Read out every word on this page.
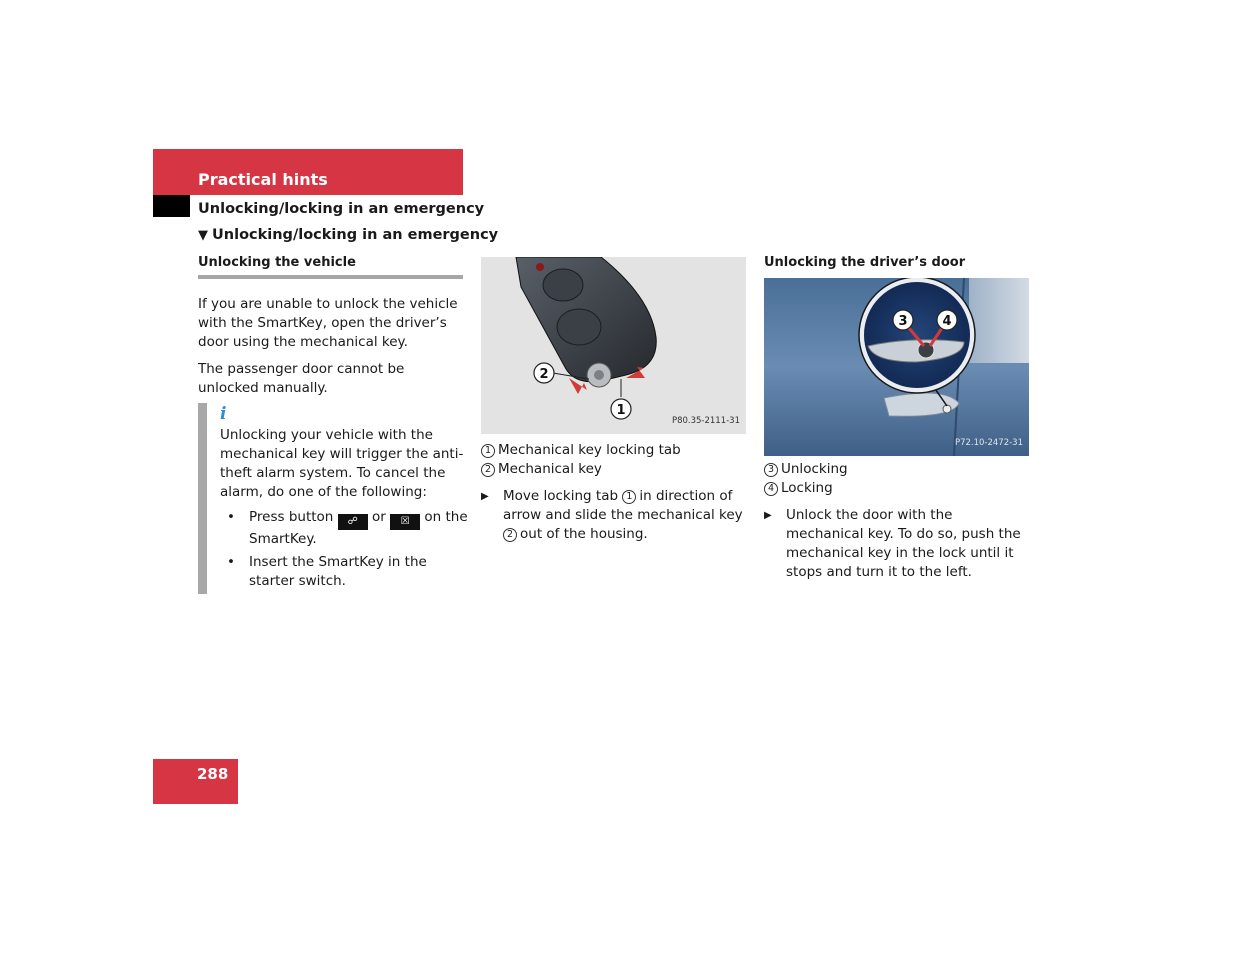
Practical hints
Unlocking/locking in an emergency
▼ Unlocking/locking in an emergency
Unlocking the vehicle

If you are unable to unlock the vehicle with the SmartKey, open the driver’s door using the mechanical key.

The passenger door cannot be unlocked manually.

i
Unlocking your vehicle with the mechanical key will trigger the anti-theft alarm system. To cancel the alarm, do one of the following:
• Press button ☍ or ☒ on the SmartKey.
• Insert the SmartKey in the starter switch.
2
1
P80.35-2111-31
1 Mechanical key locking tab
2 Mechanical key
▶ Move locking tab 1 in direction of arrow and slide the mechanical key 2 out of the housing.
Unlocking the driver’s door
3	4
P72.10-2472-31
3 Unlocking
4 Locking
▶ Unlock the door with the mechanical key. To do so, push the mechanical key in the lock until it stops and turn it to the left.
288
